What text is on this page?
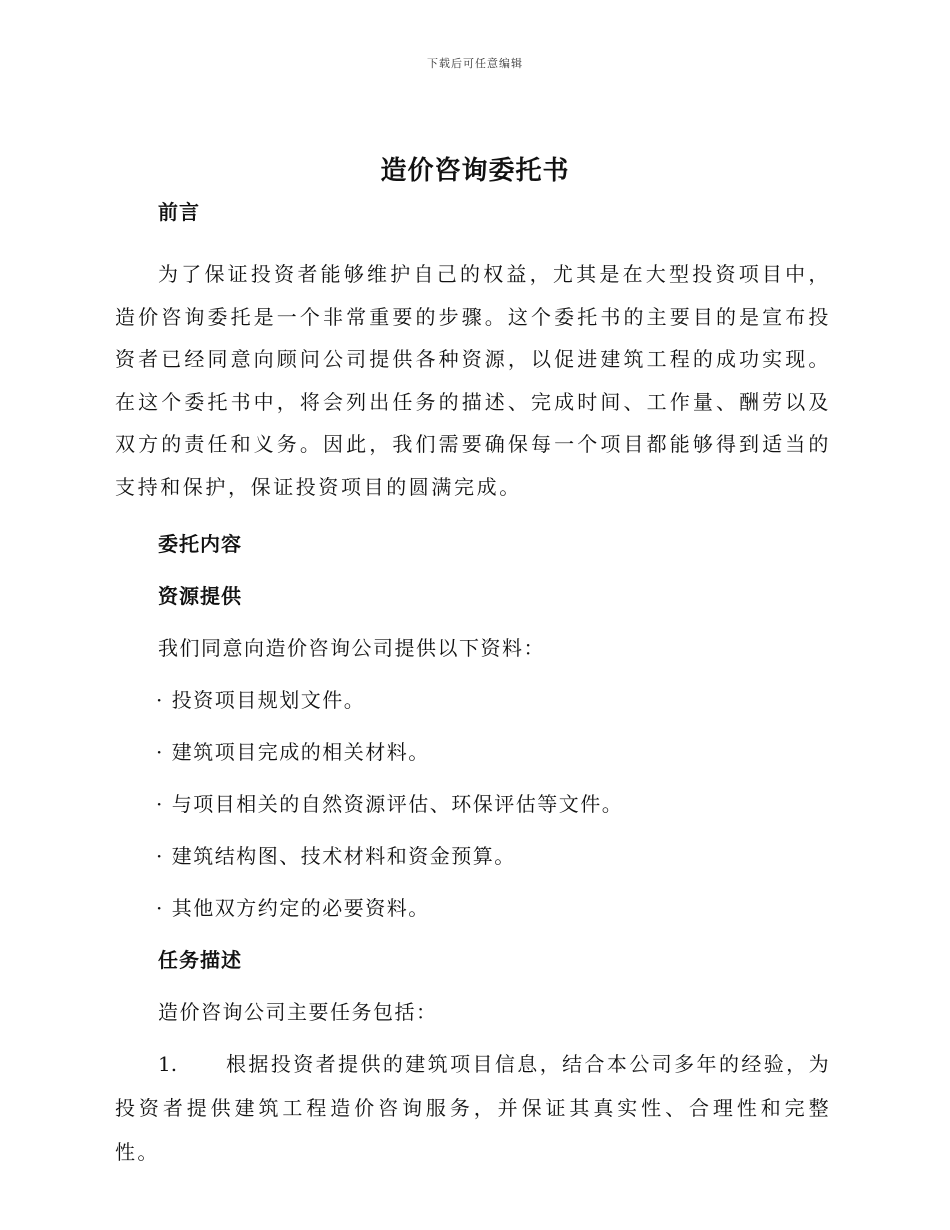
下载后可任意编辑
造价咨询委托书

前言

为了保证投资者能够维护自己的权益，尤其是在大型投资项目中，造价咨询委托是一个非常重要的步骤。这个委托书的主要目的是宣布投资者已经同意向顾问公司提供各种资源，以促进建筑工程的成功实现。在这个委托书中，将会列出任务的描述、完成时间、工作量、酬劳以及双方的责任和义务。因此，我们需要确保每一个项目都能够得到适当的支持和保护，保证投资项目的圆满完成。

委托内容

资源提供

我们同意向造价咨询公司提供以下资料：

· 投资项目规划文件。

· 建筑项目完成的相关材料。

· 与项目相关的自然资源评估、环保评估等文件。

· 建筑结构图、技术材料和资金预算。

· 其他双方约定的必要资料。

任务描述

造价咨询公司主要任务包括：

1. 根据投资者提供的建筑项目信息，结合本公司多年的经验，为投资者提供建筑工程造价咨询服务，并保证其真实性、合理性和完整性。
